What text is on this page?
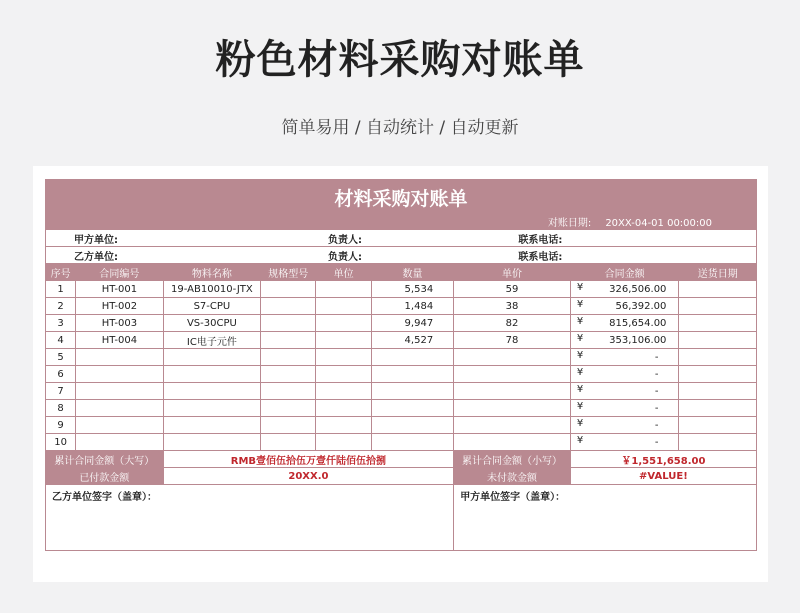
粉色材料采购对账单
简单易用 / 自动统计 / 自动更新
材料采购对账单								
对账日期: 20XX-04-01 00:00:00								
甲方单位:				负责人:		联系电话:		
乙方单位:				负责人:		联系电话:		
序号	合同编号	物料名称	规格型号	单位	数量	单价	合同金额	送货日期
1	HT-001	19-AB10010-JTX			5,534	59	¥ 326,506.00	
2	HT-002	S7-CPU			1,484	38	¥ 56,392.00	
3	HT-003	VS-30CPU			9,947	82	¥ 815,654.00	
4	HT-004	IC电子元件			4,527	78	¥ 353,106.00	
5							¥ -	
6							¥ -	
7							¥ -	
8							¥ -	
9							¥ -	
10							¥ -	
累计合同金额（大写）		RMB壹佰伍拾伍万壹仟陆佰伍拾捌				累计合同金额（小写）	￥1,551,658.00	
已付款金额		20XX.0				未付款金额	#VALUE!	
乙方单位签字（盖章）：						甲方单位签字（盖章）：		
